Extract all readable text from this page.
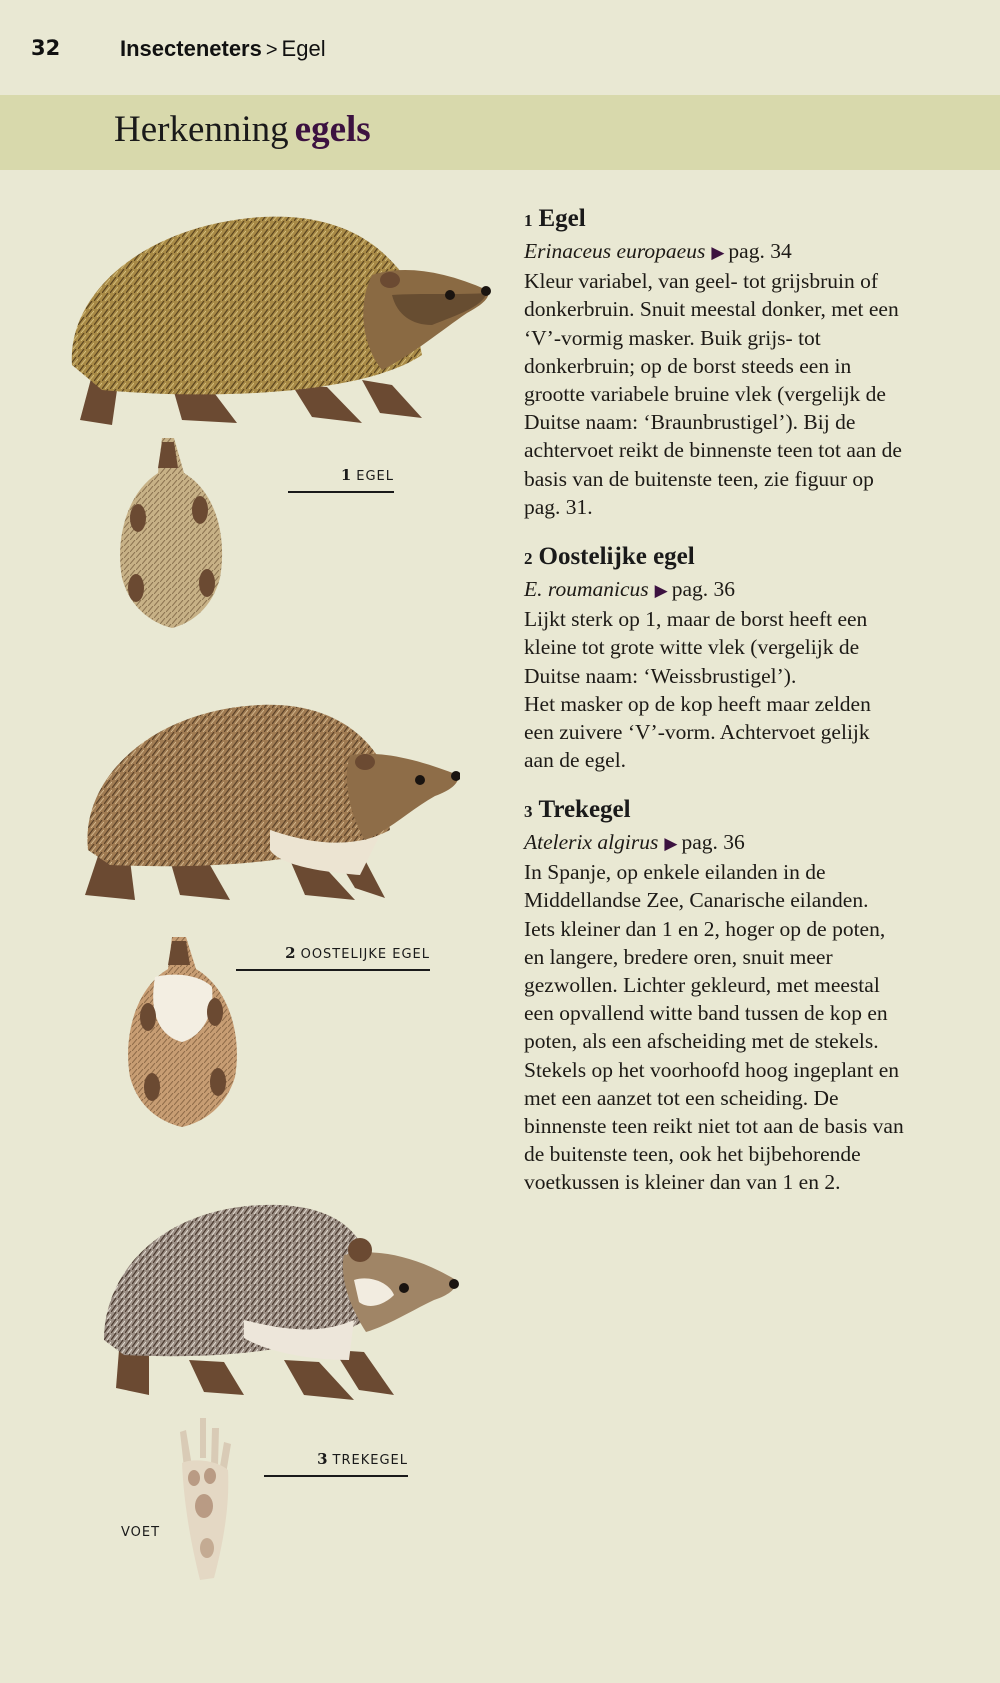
32	Insecteneters > Egel
Herkenning egels
1 EGEL
2 OOSTELIJKE EGEL
3 TREKEGEL
VOET
1 Egel
Erinaceus europaeus ▶ pag. 34

Kleur variabel, van geel- tot grijsbruin of donkerbruin. Snuit meestal donker, met een ‘V’-vormig masker. Buik grijs- tot donkerbruin; op de borst steeds een in grootte variabele bruine vlek (vergelijk de Duitse naam: ‘Braunbrustigel’). Bij de achtervoet reikt de binnenste teen tot aan de basis van de buitenste teen, zie figuur op pag. 31.

2 Oostelijke egel
E. roumanicus ▶ pag. 36

Lijkt sterk op 1, maar de borst heeft een kleine tot grote witte vlek (vergelijk de Duitse naam: ‘Weissbrustigel’).

Het masker op de kop heeft maar zelden een zuivere ‘V’-vorm. Achtervoet gelijk aan de egel.

3 Trekegel
Atelerix algirus ▶ pag. 36

In Spanje, op enkele eilanden in de Middellandse Zee, Canarische eilanden. Iets kleiner dan 1 en 2, hoger op de poten, en langere, bredere oren, snuit meer gezwollen. Lichter gekleurd, met meestal een opvallend witte band tussen de kop en poten, als een afscheiding met de stekels. Stekels op het voorhoofd hoog ingeplant en met een aanzet tot een scheiding. De binnenste teen reikt niet tot aan de basis van de buitenste teen, ook het bijbehorende voetkussen is kleiner dan van 1 en 2.
